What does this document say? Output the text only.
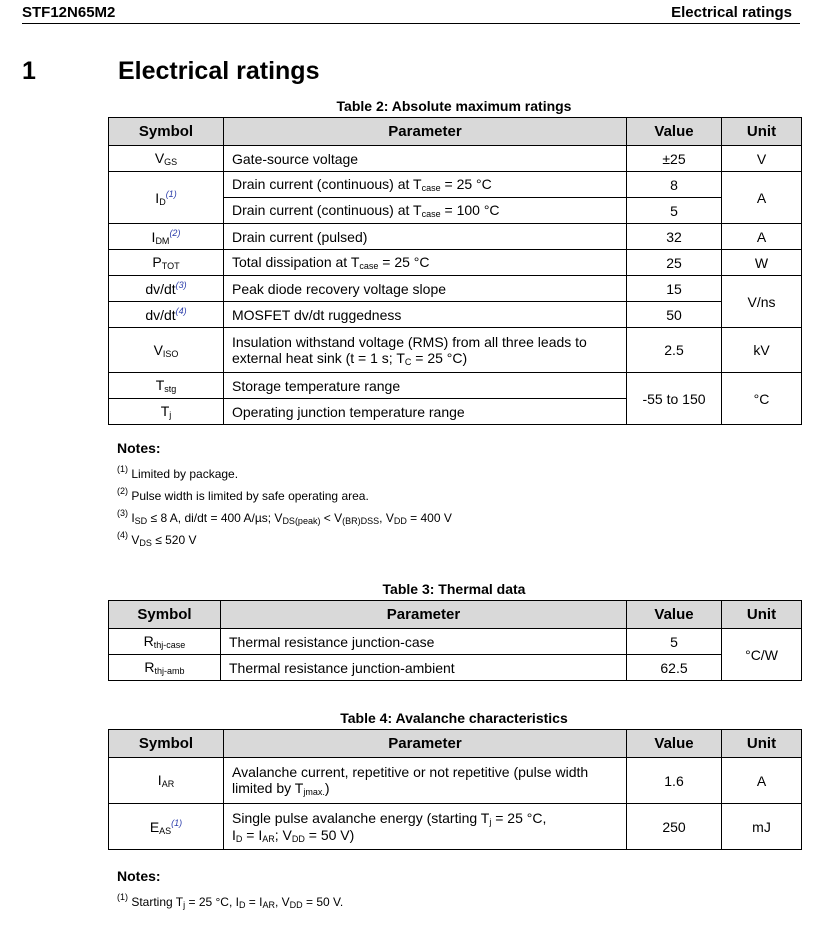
STF12N65M2	Electrical ratings
1	Electrical ratings
Table 2: Absolute maximum ratings
Symbol	Parameter	Value	Unit
$V_{GS}$	Gate-source voltage	±25	V
$I_D^{(1)}$	Drain current (continuous) at $T_{case} = 25$ °C	8	A
	Drain current (continuous) at $T_{case} = 100$ °C	5	
$I_{DM}^{(2)}$	Drain current (pulsed)	32	A
$P_{TOT}$	Total dissipation at $T_{case} = 25$ °C	25	W
dv/dt$^{(3)}$	Peak diode recovery voltage slope	15	V/ns
dv/dt$^{(4)}$	MOSFET dv/dt ruggedness	50	
$V_{ISO}$	Insulation withstand voltage (RMS) from all three leads to
external heat sink (t = 1 s; $T_C = 25$ °C)	2.5	kV
$T_{stg}$	Storage temperature range	-55 to 150	°C
$T_j$	Operating junction temperature range		
Notes:
$^{(1)}$ Limited by package.
$^{(2)}$ Pulse width is limited by safe operating area.
$^{(3)}$ $I_{SD} \le 8$ A, di/dt = 400 A/µs; $V_{DS(peak)} < V_{(BR)DSS}$, $V_{DD} = 400$ V
$^{(4)}$ $V_{DS} \le 520$ V
Table 3: Thermal data
Symbol	Parameter	Value	Unit
$R_{thj-case}$	Thermal resistance junction-case	5	°C/W
$R_{thj-amb}$	Thermal resistance junction-ambient	62.5	
Table 4: Avalanche characteristics
Symbol	Parameter	Value	Unit
$I_{AR}$	Avalanche current, repetitive or not repetitive (pulse width
limited by $T_{jmax.}$)	1.6	A
$E_{AS}^{(1)}$	Single pulse avalanche energy (starting $T_j = 25$ °C,
$I_D = I_{AR}$; $V_{DD} = 50$ V)	250	mJ
Notes:
$^{(1)}$ Starting $T_j = 25$ °C, $I_D = I_{AR}$, $V_{DD} = 50$ V.
